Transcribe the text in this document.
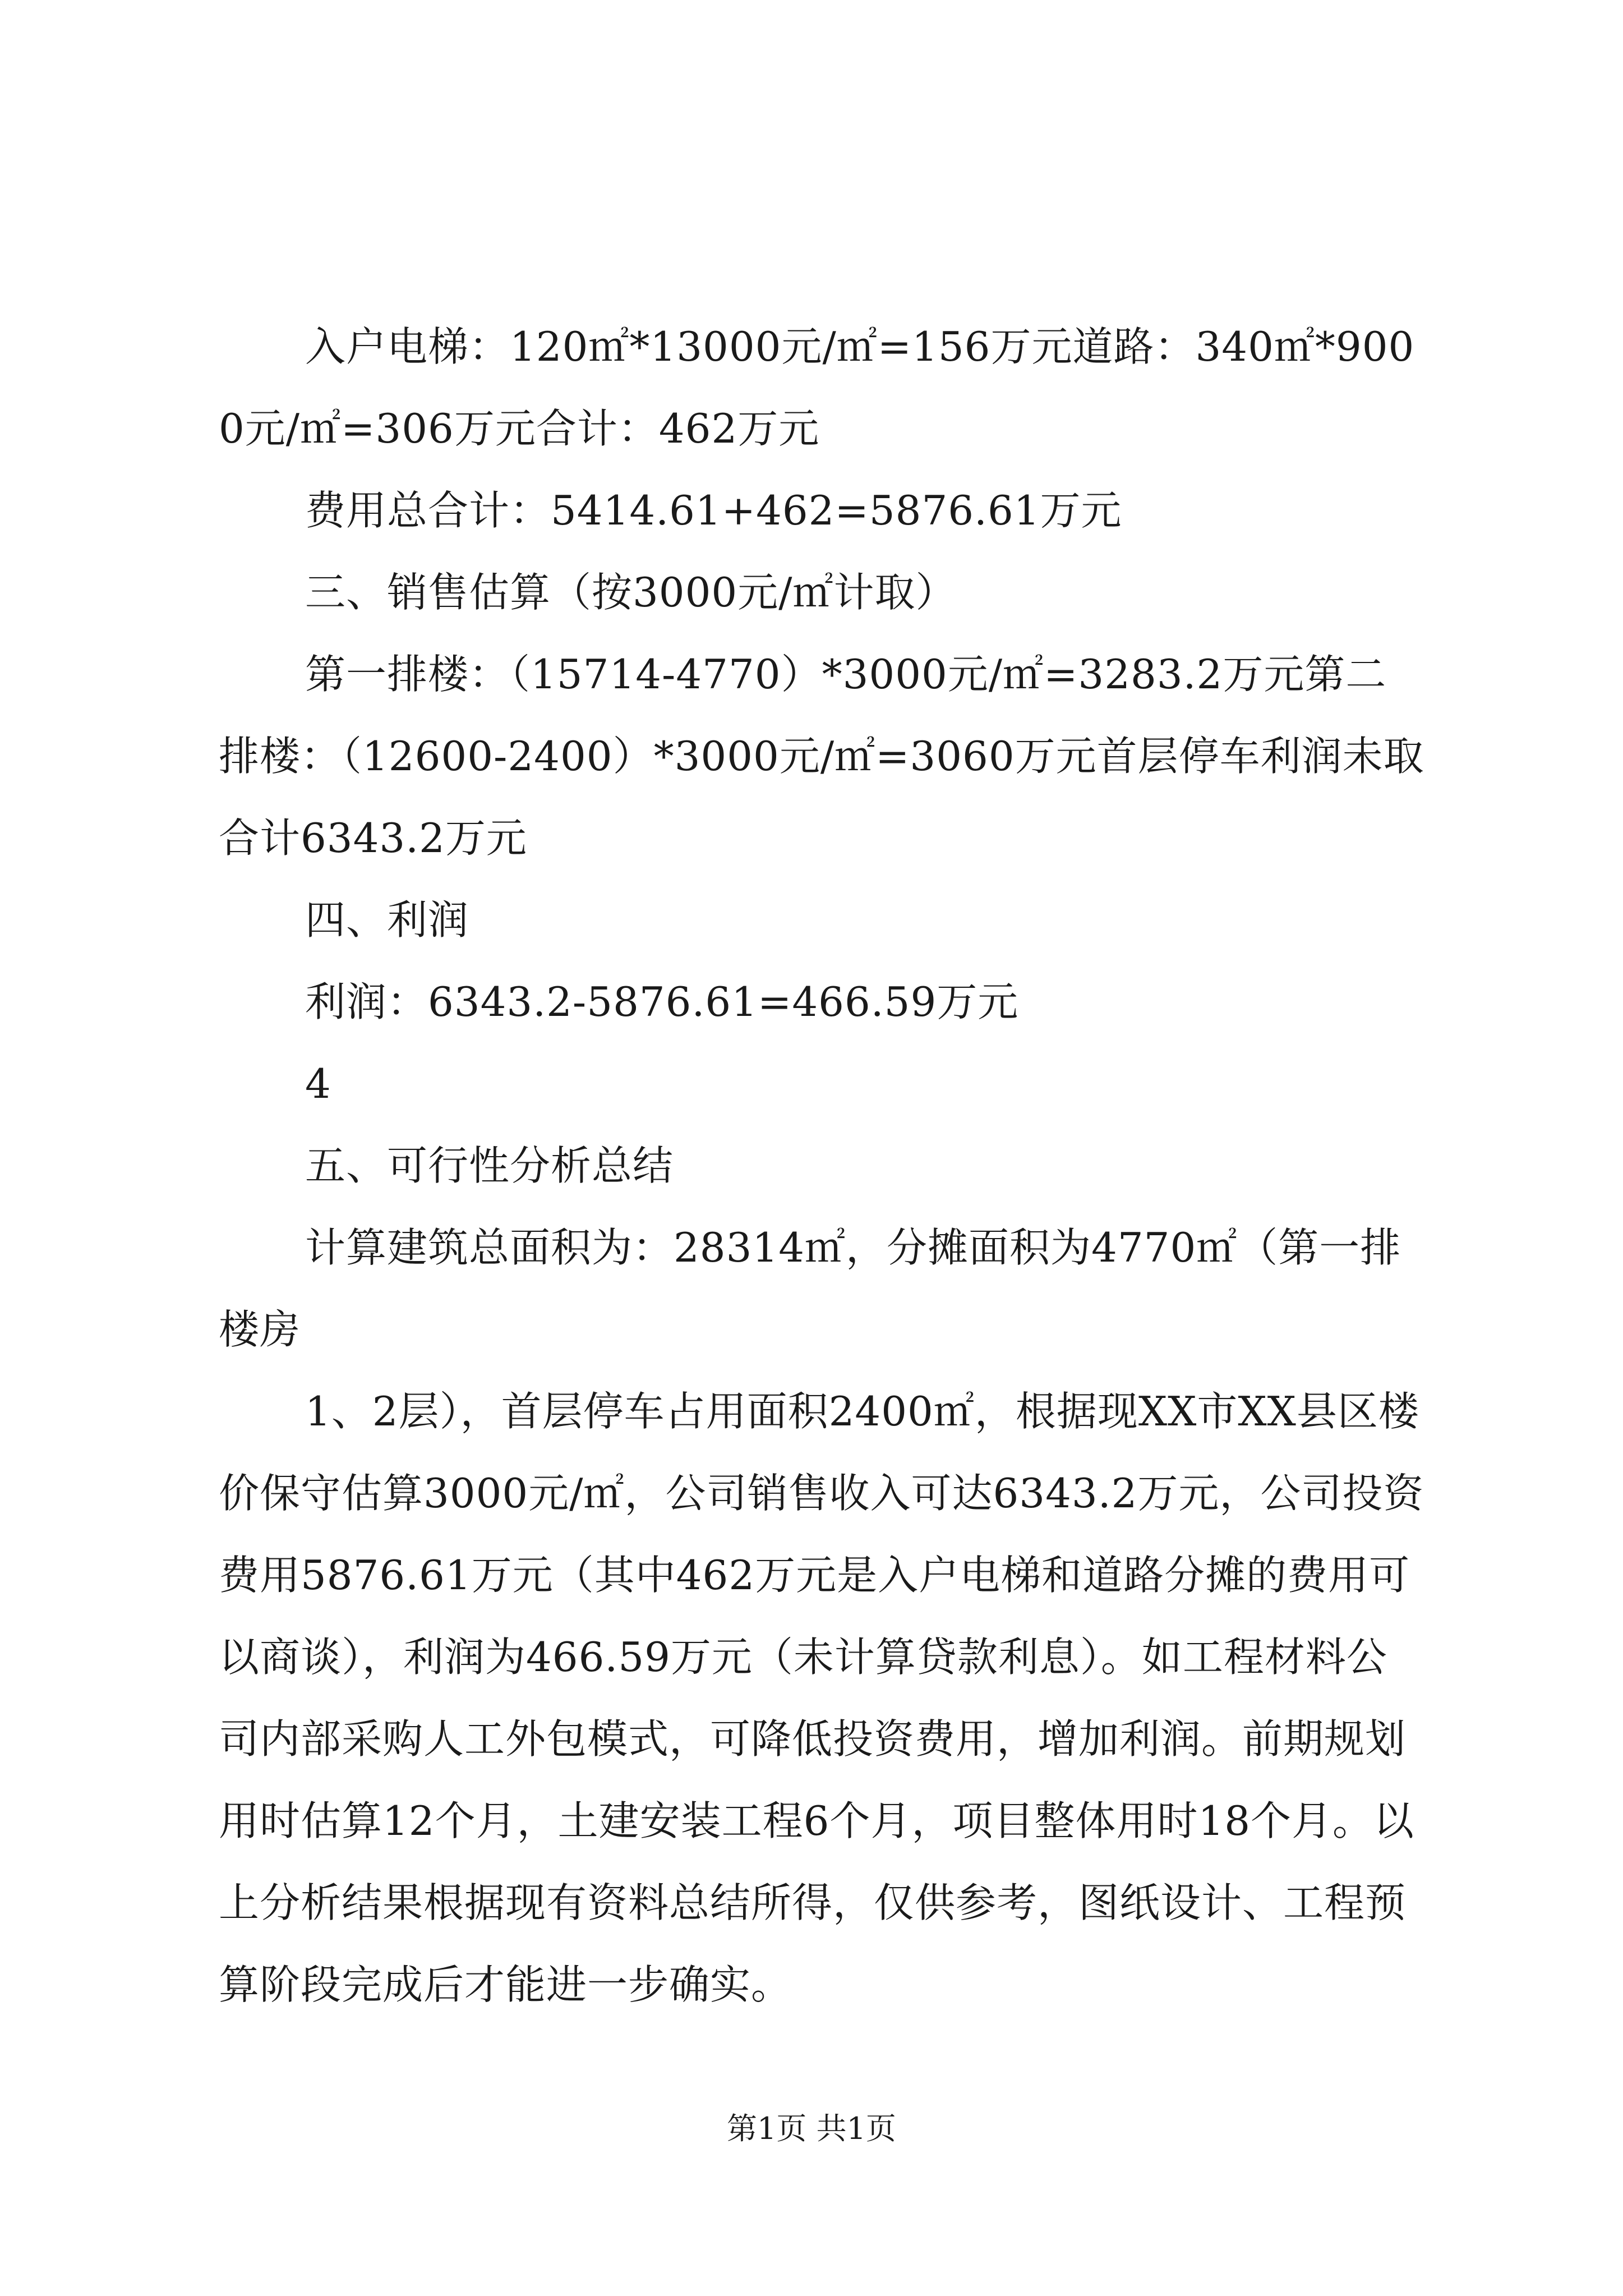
入户电梯：120㎡*13000元/㎡=156万元道路：340㎡*9000元/㎡=306万元合计：462万元

费用总合计：5414.61+462=5876.61万元

三、销售估算（按3000元/㎡计取）

第一排楼：（15714-4770）*3000元/㎡=3283.2万元第二排楼：（12600-2400）*3000元/㎡=3060万元首层停车利润未取合计6343.2万元

四、利润

利润：6343.2-5876.61=466.59万元

4

五、可行性分析总结

计算建筑总面积为：28314㎡，分摊面积为4770㎡（第一排楼房

1、2层），首层停车占用面积2400㎡，根据现XX市XX县区楼价保守估算3000元/㎡，公司销售收入可达6343.2万元，公司投资费用5876.61万元（其中462万元是入户电梯和道路分摊的费用可以商谈），利润为466.59万元（未计算贷款利息）。如工程材料公司内部采购人工外包模式，可降低投资费用，增加利润。前期规划用时估算12个月，土建安装工程6个月，项目整体用时18个月。以上分析结果根据现有资料总结所得，仅供参考，图纸设计、工程预算阶段完成后才能进一步确实。

第1页 共1页
